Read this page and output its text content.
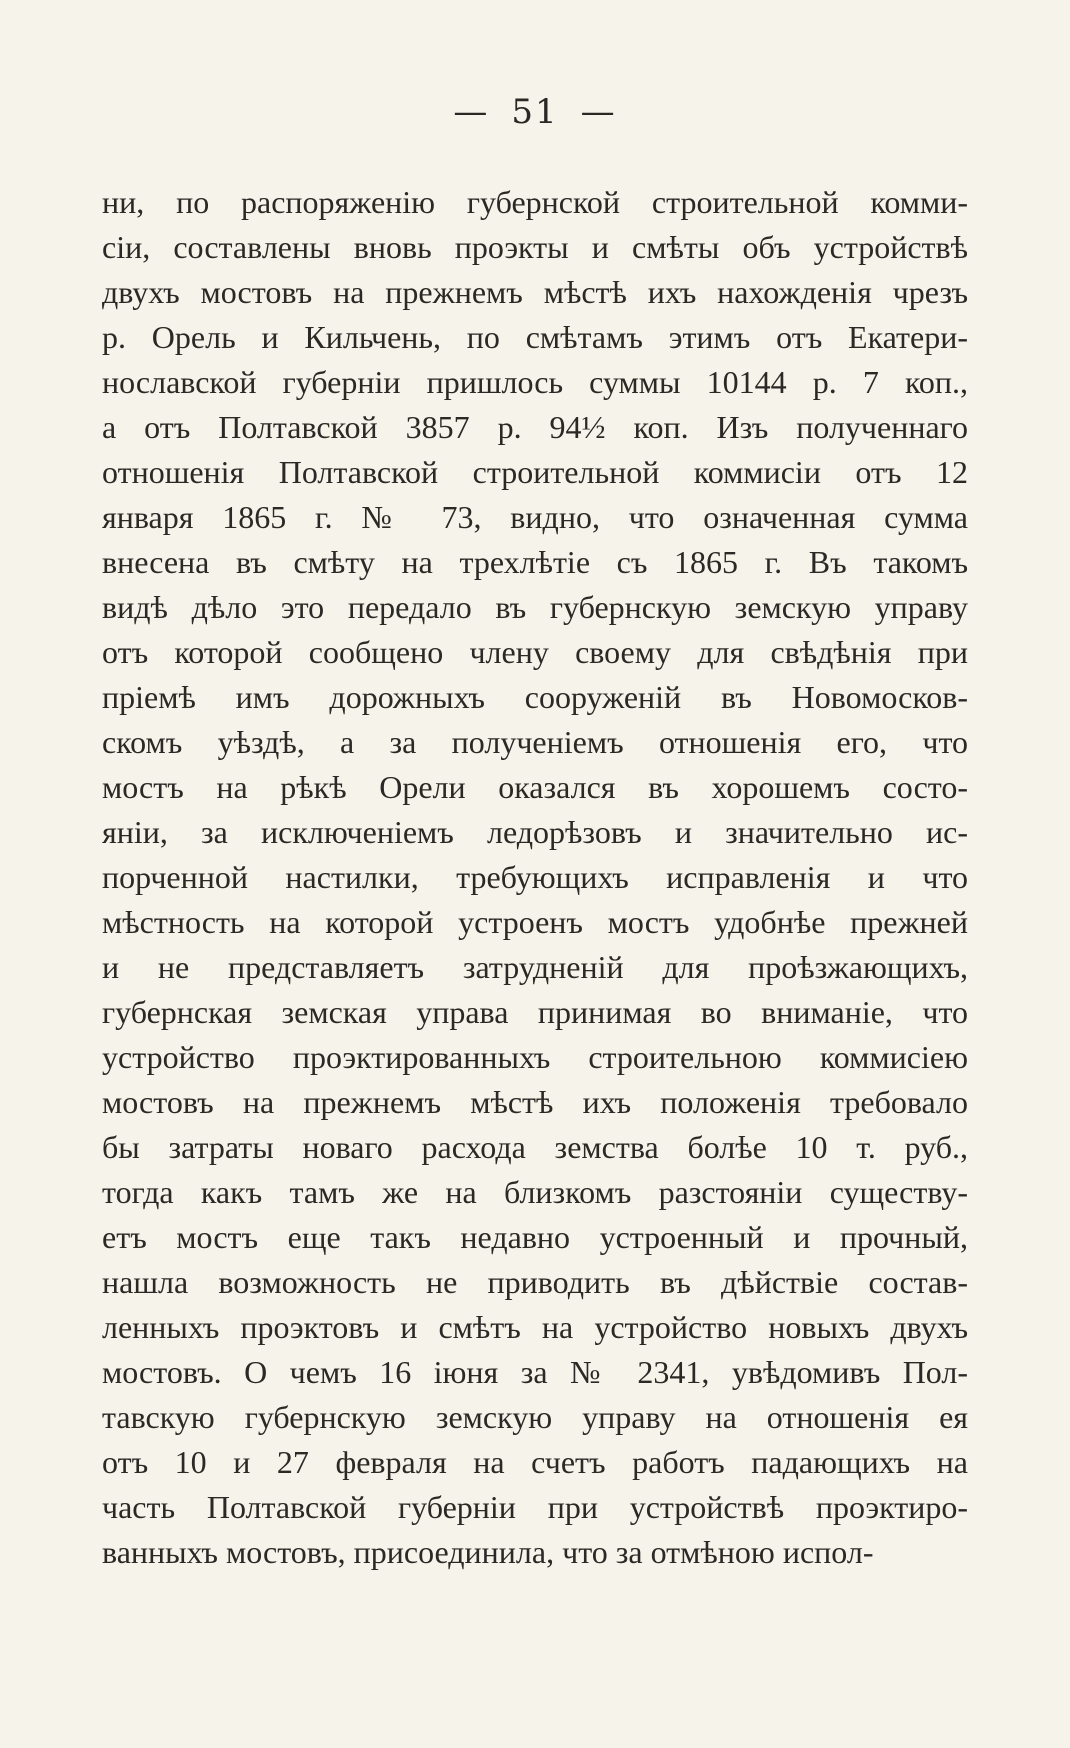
— 51 —
ни, по распоряженію губернской строительной комми-
сіи, составлены вновь проэкты и смѣты объ устройствѣ
двухъ мостовъ на прежнемъ мѣстѣ ихъ нахожденія чрезъ
р. Орель и Кильчень, по смѣтамъ этимъ отъ Екатери-
нославской губерніи пришлось суммы 10144 р. 7 коп.,
а отъ Полтавской 3857 р. 94½ коп. Изъ полученнаго
отношенія Полтавской строительной коммисіи отъ 12
января 1865 г. № 73, видно, что означенная сумма
внесена въ смѣту на трехлѣтіе съ 1865 г. Въ такомъ
видѣ дѣло это передало въ губернскую земскую управу
отъ которой сообщено члену своему для свѣдѣнія при
пріемѣ имъ дорожныхъ сооруженій въ Новомосков-
скомъ уѣздѣ, а за полученіемъ отношенія его, что
мостъ на рѣкѣ Орели оказался въ хорошемъ состо-
яніи, за исключеніемъ ледорѣзовъ и значительно ис-
порченной настилки, требующихъ исправленія и что
мѣстность на которой устроенъ мостъ удобнѣе прежней
и не представляетъ затрудненій для проѣзжающихъ,
губернская земская управа принимая во вниманіе, что
устройство проэктированныхъ строительною коммисіею
мостовъ на прежнемъ мѣстѣ ихъ положенія требовало
бы затраты новаго расхода земства болѣе 10 т. руб.,
тогда какъ тамъ же на близкомъ разстояніи существу-
етъ мостъ еще такъ недавно устроенный и прочный,
нашла возможность не приводить въ дѣйствіе состав-
ленныхъ проэктовъ и смѣтъ на устройство новыхъ двухъ
мостовъ. О чемъ 16 іюня за № 2341, увѣдомивъ Пол-
тавскую губернскую земскую управу на отношенія ея
отъ 10 и 27 февраля на счетъ работъ падающихъ на
часть Полтавской губерніи при устройствѣ проэктиро-
ванныхъ мостовъ, присоединила, что за отмѣною испол-
